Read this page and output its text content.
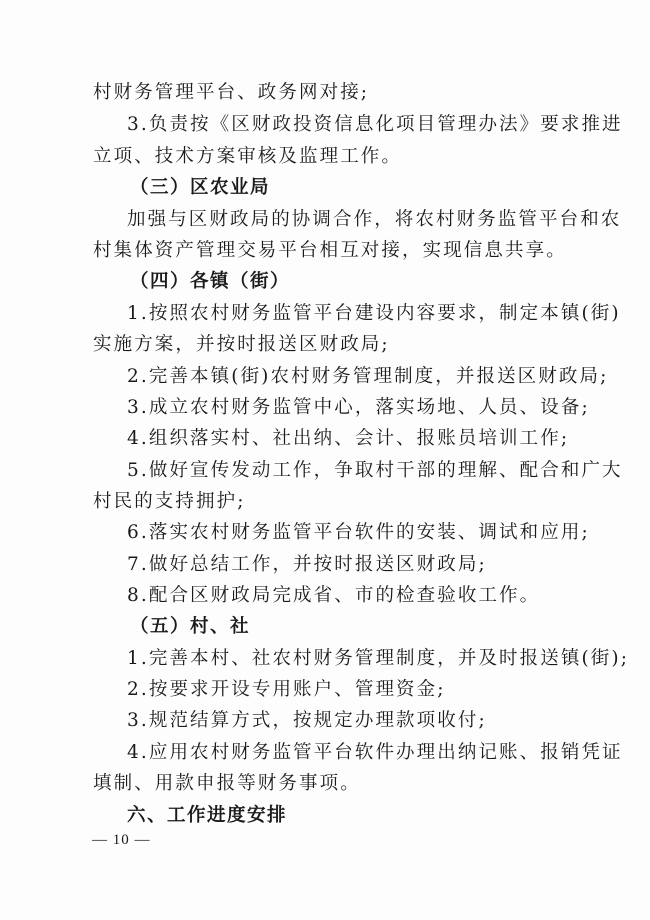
村财务管理平台、政务网对接;
3.负责按《区财政投资信息化项目管理办法》要求推进
立项、技术方案审核及监理工作。
（三）区农业局
加强与区财政局的协调合作，将农村财务监管平台和农
村集体资产管理交易平台相互对接，实现信息共享。
（四）各镇（街）
1.按照农村财务监管平台建设内容要求，制定本镇(街)
实施方案，并按时报送区财政局;
2.完善本镇(街)农村财务管理制度，并报送区财政局;
3.成立农村财务监管中心，落实场地、人员、设备;
4.组织落实村、社出纳、会计、报账员培训工作;
5.做好宣传发动工作，争取村干部的理解、配合和广大
村民的支持拥护;
6.落实农村财务监管平台软件的安装、调试和应用;
7.做好总结工作，并按时报送区财政局;
8.配合区财政局完成省、市的检查验收工作。
（五）村、社
1.完善本村、社农村财务管理制度，并及时报送镇(街);
2.按要求开设专用账户、管理资金;
3.规范结算方式，按规定办理款项收付;
4.应用农村财务监管平台软件办理出纳记账、报销凭证
填制、用款申报等财务事项。
六、工作进度安排
— 10 —
